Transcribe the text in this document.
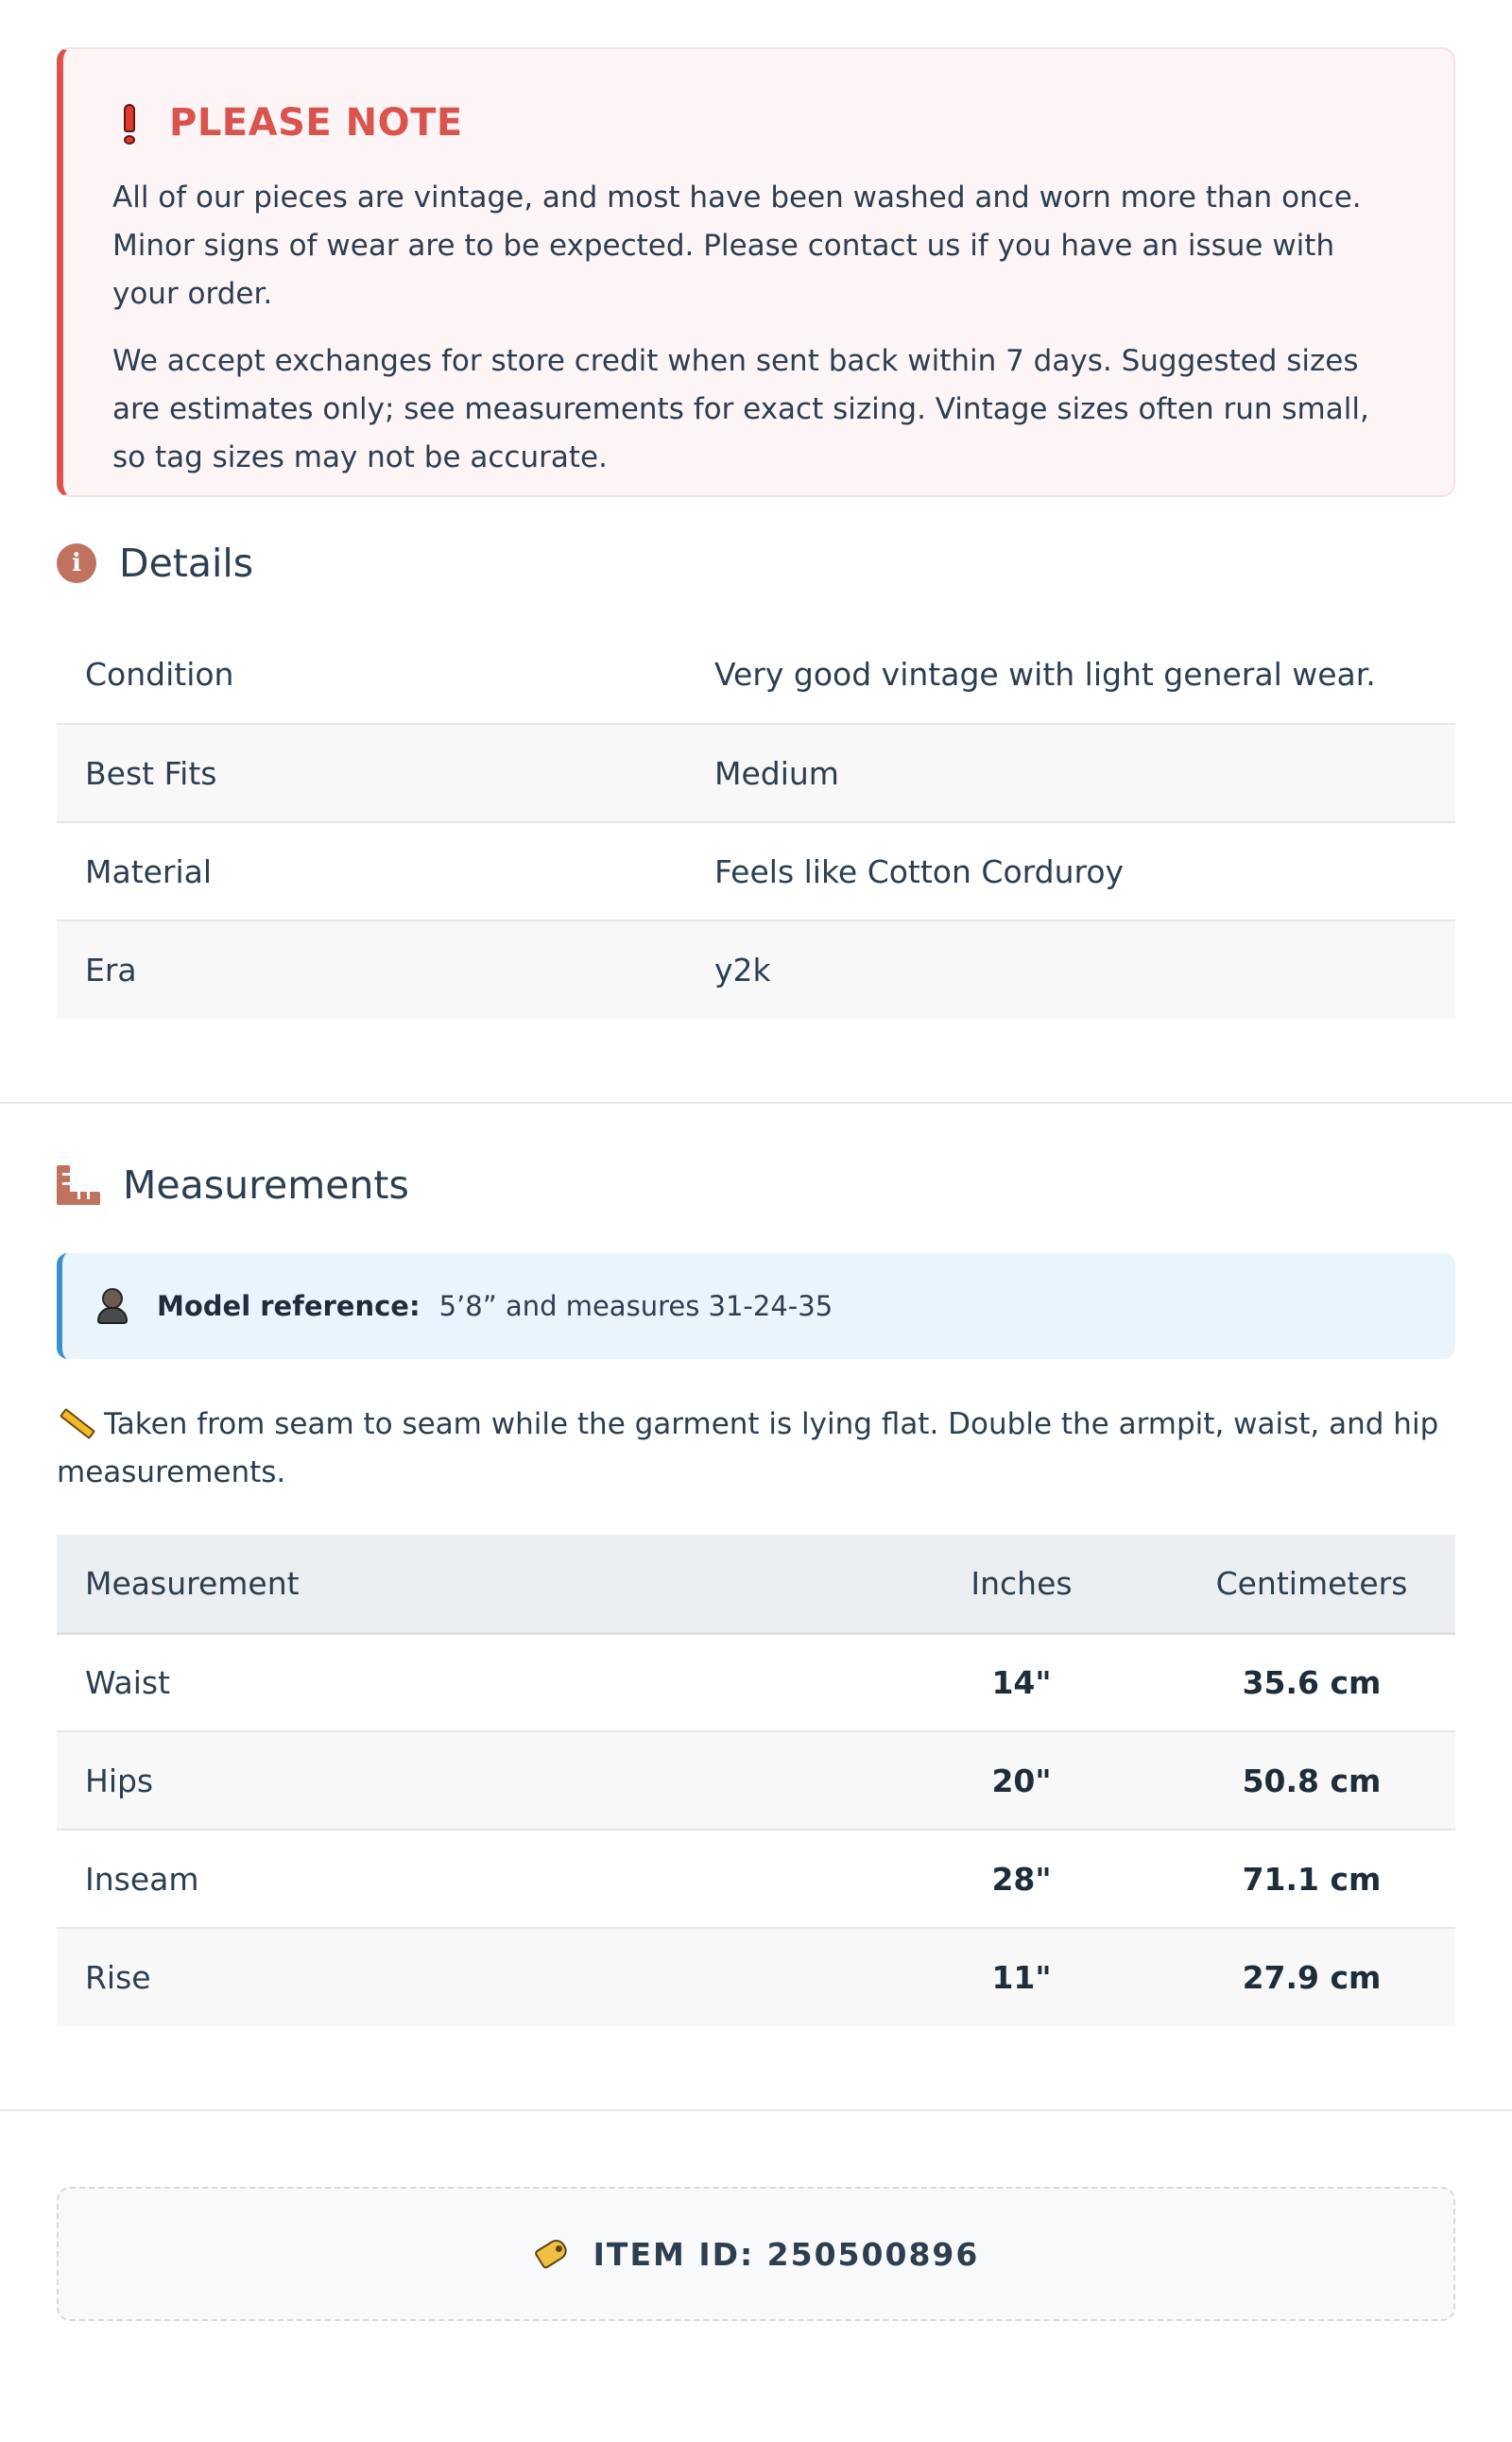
PLEASE NOTE

All of our pieces are vintage, and most have been washed and worn more than once. Minor signs of wear are to be expected. Please contact us if you have an issue with your order.

We accept exchanges for store credit when sent back within 7 days. Suggested sizes are estimates only; see measurements for exact sizing. Vintage sizes often run small, so tag sizes may not be accurate.

i Details
Condition	Very good vintage with light general wear.
Best Fits	Medium
Material	Feels like Cotton Corduroy
Era	y2k
Measurements
Model reference: 5’8” and measures 31-24-35
Taken from seam to seam while the garment is lying flat. Double the armpit, waist, and hip measurements.
Measurement	Inches	Centimeters
Waist	14"	35.6 cm
Hips	20"	50.8 cm
Inseam	28"	71.1 cm
Rise	11"	27.9 cm
ITEM ID: 250500896
